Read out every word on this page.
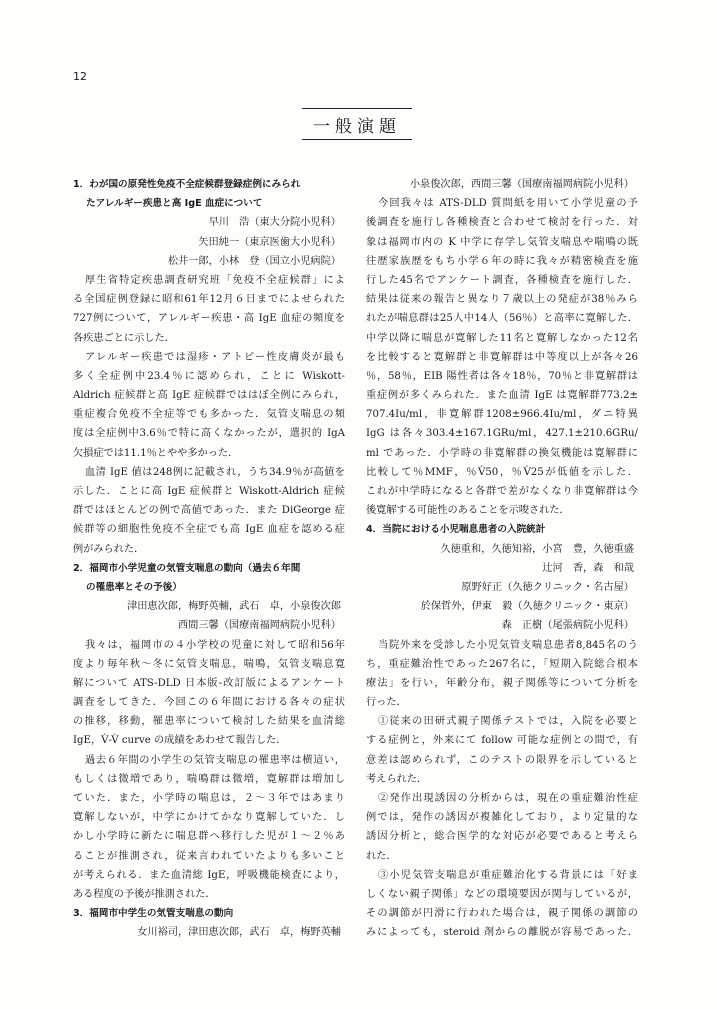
12
一般演題
1．わが国の原発性免疫不全症候群登録症例にみられ
たアレルギー疾患と高 IgE 血症について
早川　浩（東大分院小児科）
矢田純一（東京医歯大小児科）
松井一郎，小林　登（国立小児病院）
厚生省特定疾患調査研究班「免疫不全症候群」によ
る全国症例登録に昭和61年12月６日までによせられた
727例について，アレルギー疾患・高 IgE 血症の頻度を
各疾患ごとに示した．
アレルギー疾患では湿疹・アトピー性皮膚炎が最も
多く全症例中23.4％に認められ，ことに Wiskott-
Aldrich 症候群と高 IgE 症候群でははぼ全例にみられ，
重症複合免疫不全症等でも多かった．気管支喘息の頻
度は全症例中3.6％で特に高くなかったが，選択的 IgA
欠損症では11.1％とやや多かった．
血清 IgE 値は248例に記載され，うち34.9％が高値を
示した．ことに高 IgE 症候群と Wiskott-Aldrich 症候
群ではほとんどの例で高値であった．また DiGeorge 症
候群等の細胞性免疫不全症でも高 IgE 血症を認める症
例がみられた．
2．福岡市小学児童の気管支喘息の動向（過去６年間
の罹患率とその予後）
津田恵次郎，梅野英輔，武石　卓，小泉俊次郎
西間三馨（国療南福岡病院小児科）
我々は，福岡市の４小学校の児童に対して昭和56年
度より毎年秋～冬に気管支喘息，喘鳴，気管支喘息寛
解について ATS-DLD 日本版-改訂版によるアンケート
調査をしてきた．今回この６年間における各々の症状
の推移，移動，罹患率について検討した結果を血清総
IgE，V̇-V̇ curve の成績をあわせて報告した．
過去６年間の小学生の気管支喘息の罹患率は横這い，
もしくは微増であり，喘鳴群は微増，寛解群は増加し
ていた．また，小学時の喘息は，２～３年ではあまり
寛解しないが，中学にかけてかなり寛解していた．し
かし小学時に新たに喘息群へ移行した児が１～２％あ
ることが推測され，従来言われていたよりも多いこと
が考えられる．また血清総 IgE，呼吸機能検査により，
ある程度の予後が推測された．
3．福岡市中学生の気管支喘息の動向
女川裕司，津田恵次郎，武石　卓，梅野英輔
小泉俊次郎，西間三馨（国療南福岡病院小児科）
今回我々は ATS-DLD 質問紙を用いて小学児童の予
後調査を施行し各種検査と合わせて検討を行った．対
象は福岡市内の K 中学に存学し気管支喘息や喘鳴の既
往歴家族歴をもち小学６年の時に我々が精密検査を施
行した45名でアンケート調査，各種検査を施行した．
結果は従来の報告と異なり７歳以上の発症が38％みら
れたが喘息群は25人中14人（56％）と高率に寛解した．
中学以降に喘息が寛解した11名と寛解しなかった12名
を比較すると寛解群と非寛解群は中等度以上が各々26
％，58％，EIB 陽性者は各々18％，70％と非寛解群は
重症例が多くみられた．また血清 IgE は寛解群773.2±
707.4Iu/ml，非寛解群1208±966.4Iu/ml，ダニ特異
IgG は各々303.4±167.1GRu/ml，427.1±210.6GRu/
ml であった．小学時の非寛解群の換気機能は寛解群に
比較して％MMF，％V̇50，％V̇25が低値を示した．
これが中学時になると各群で差がなくなり非寛解群は今
後寛解する可能性のあることを示唆された．
4．当院における小児喘息患者の入院統計
久徳重和，久徳知裕，小宮　豊，久徳重盛
辻河　香，森　和哉
原野好正（久徳クリニック・名古屋）
於保哲外，伊東　毅（久徳クリニック・東京）
森　正樹（尾張病院小児科）
当院外来を受診した小児気管支喘息患者8,845名のう
ち，重症難治性であった267名に，「短期入院総合根本
療法」を行い，年齢分布，親子関係等について分析を
行った．
①従来の田研式親子関係テストでは，入院を必要と
する症例と，外来にて follow 可能な症例との間で，有
意差は認められず，このテストの限界を示していると
考えられた．
②発作出現誘因の分析からは，現在の重症難治性症
例では，発作の誘因が複雑化しており，より定量的な
誘因分析と，総合医学的な対応が必要であると考えら
れた．
③小児気管支喘息が重症難治化する背景には「好ま
しくない親子関係」などの環境要因が関与しているが，
その調節が円滑に行われた場合は，親子関係の調節の
みによっても，steroid 剤からの離脱が容易であった．
